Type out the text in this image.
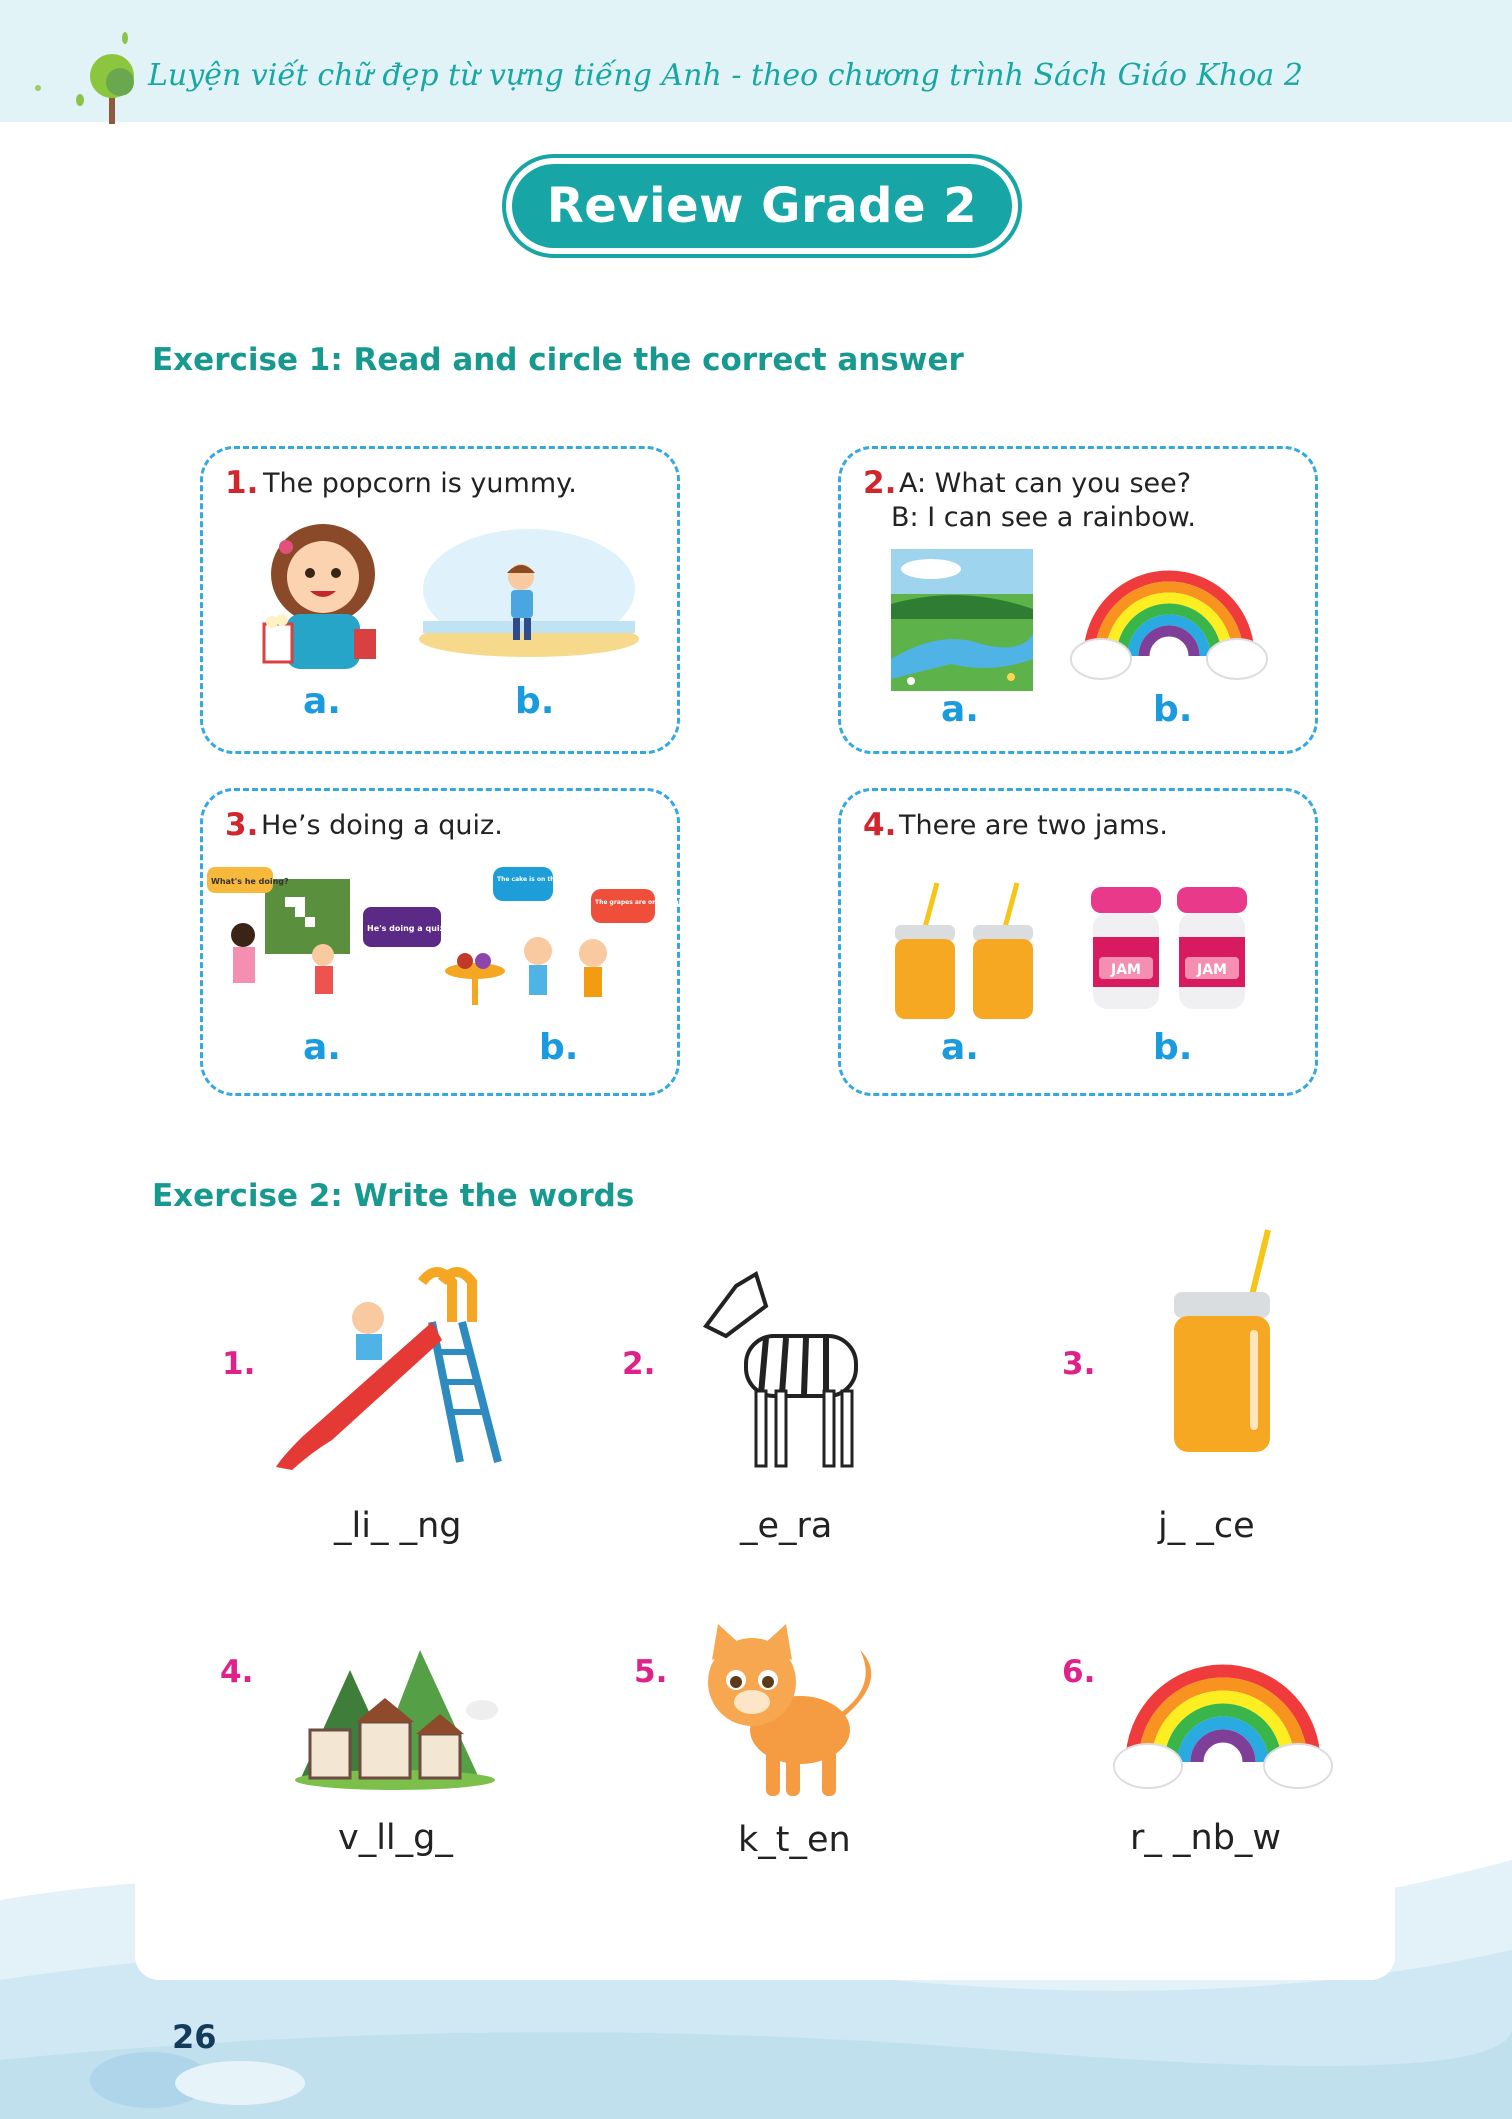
Luyện viết chữ đẹp từ vựng tiếng Anh - theo chương trình Sách Giáo Khoa 2
Review Grade 2
Exercise 1: Read and circle the correct answer
1. The popcorn is yummy.
a.	b.
2. A: What can you see?
B: I can see a rainbow.
a.	b.
3. He’s doing a quiz.
What's he doing?
He's doing a quiz.
The cake is on the table.
The grapes are on the table.
a.	b.
4. There are two jams.
JAM	JAM
a.	b.
Exercise 2: Write the words
1.
_li_ _ng
2.
_e_ra
3.
j_ _ce
4.
v_ll_g_
5.
k_t_en
6.
r_ _nb_w
26
